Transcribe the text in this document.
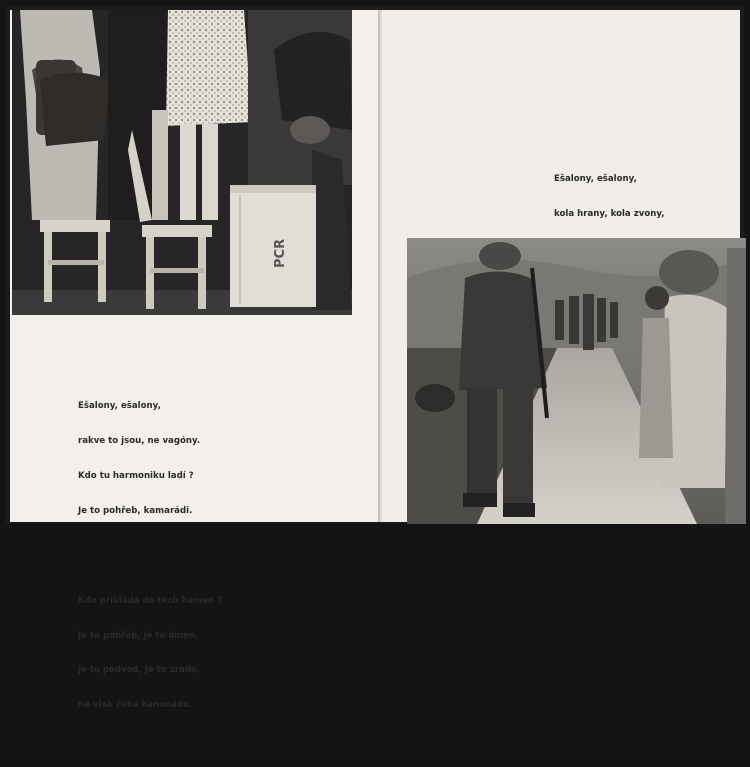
PCR

Ešalony, ešalony,

rakve to jsou, ne vagóny.

Kdo tu harmoniku ladí ?

Je to pohřeb, kamarádi.

Kdo přikládá do těch kamen ?

Je to pohřeb, je to ámen,

je to podvod, je to zrada,

na vlak čeká kanonáda.

Ešalony, ešalony,

kola hrany, kola zvony,
